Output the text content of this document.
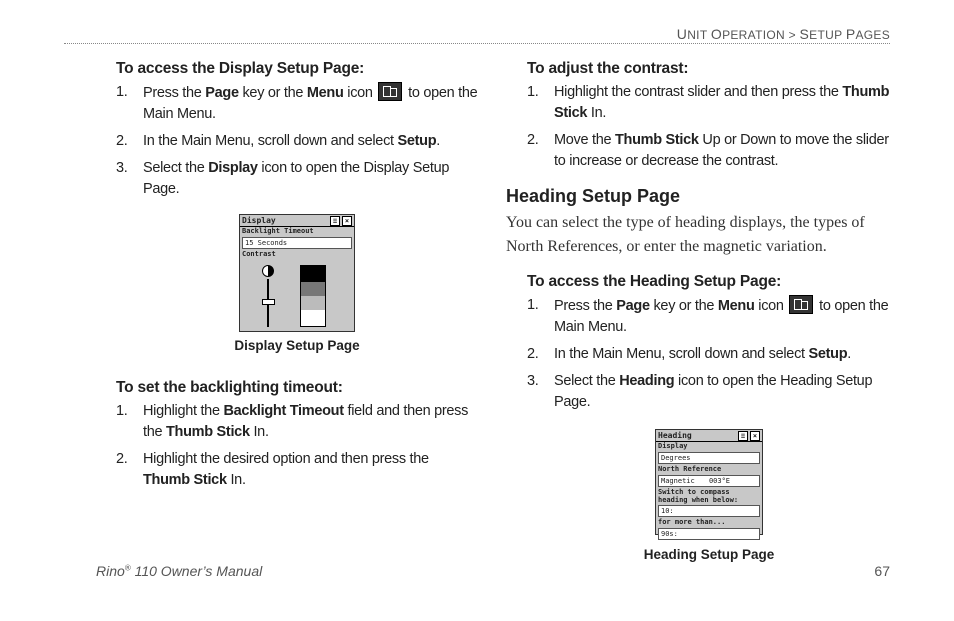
UNIT OPERATION > SETUP PAGES
To access the Display Setup Page:
1. Press the Page key or the Menu icon  to open the Main Menu.
2. In the Main Menu, scroll down and select Setup.
3. Select the Display icon to open the Display Setup Page.
Display	≡ ×
Backlight Timeout
15 Seconds
Contrast
Display Setup Page
To set the backlighting timeout:
1. Highlight the Backlight Timeout field and then press the Thumb Stick In.
2. Highlight the desired option and then press the Thumb Stick In.
To adjust the contrast:
1. Highlight the contrast slider and then press the Thumb Stick In.
2. Move the Thumb Stick Up or Down to move the slider to increase or decrease the contrast.
Heading Setup Page

You can select the type of heading displays, the types of North References, or enter the magnetic variation.

To access the Heading Setup Page:
1. Press the Page key or the Menu icon  to open the Main Menu.
2. In the Main Menu, scroll down and select Setup.
3. Select the Heading icon to open the Heading Setup Page.
Heading	≡ ×
Display
Degrees
North Reference
Magnetic 003°E
Switch to compass heading when below:
10:
for more than...
90s:
Heading Setup Page
Rino® 110 Owner’s Manual	67
